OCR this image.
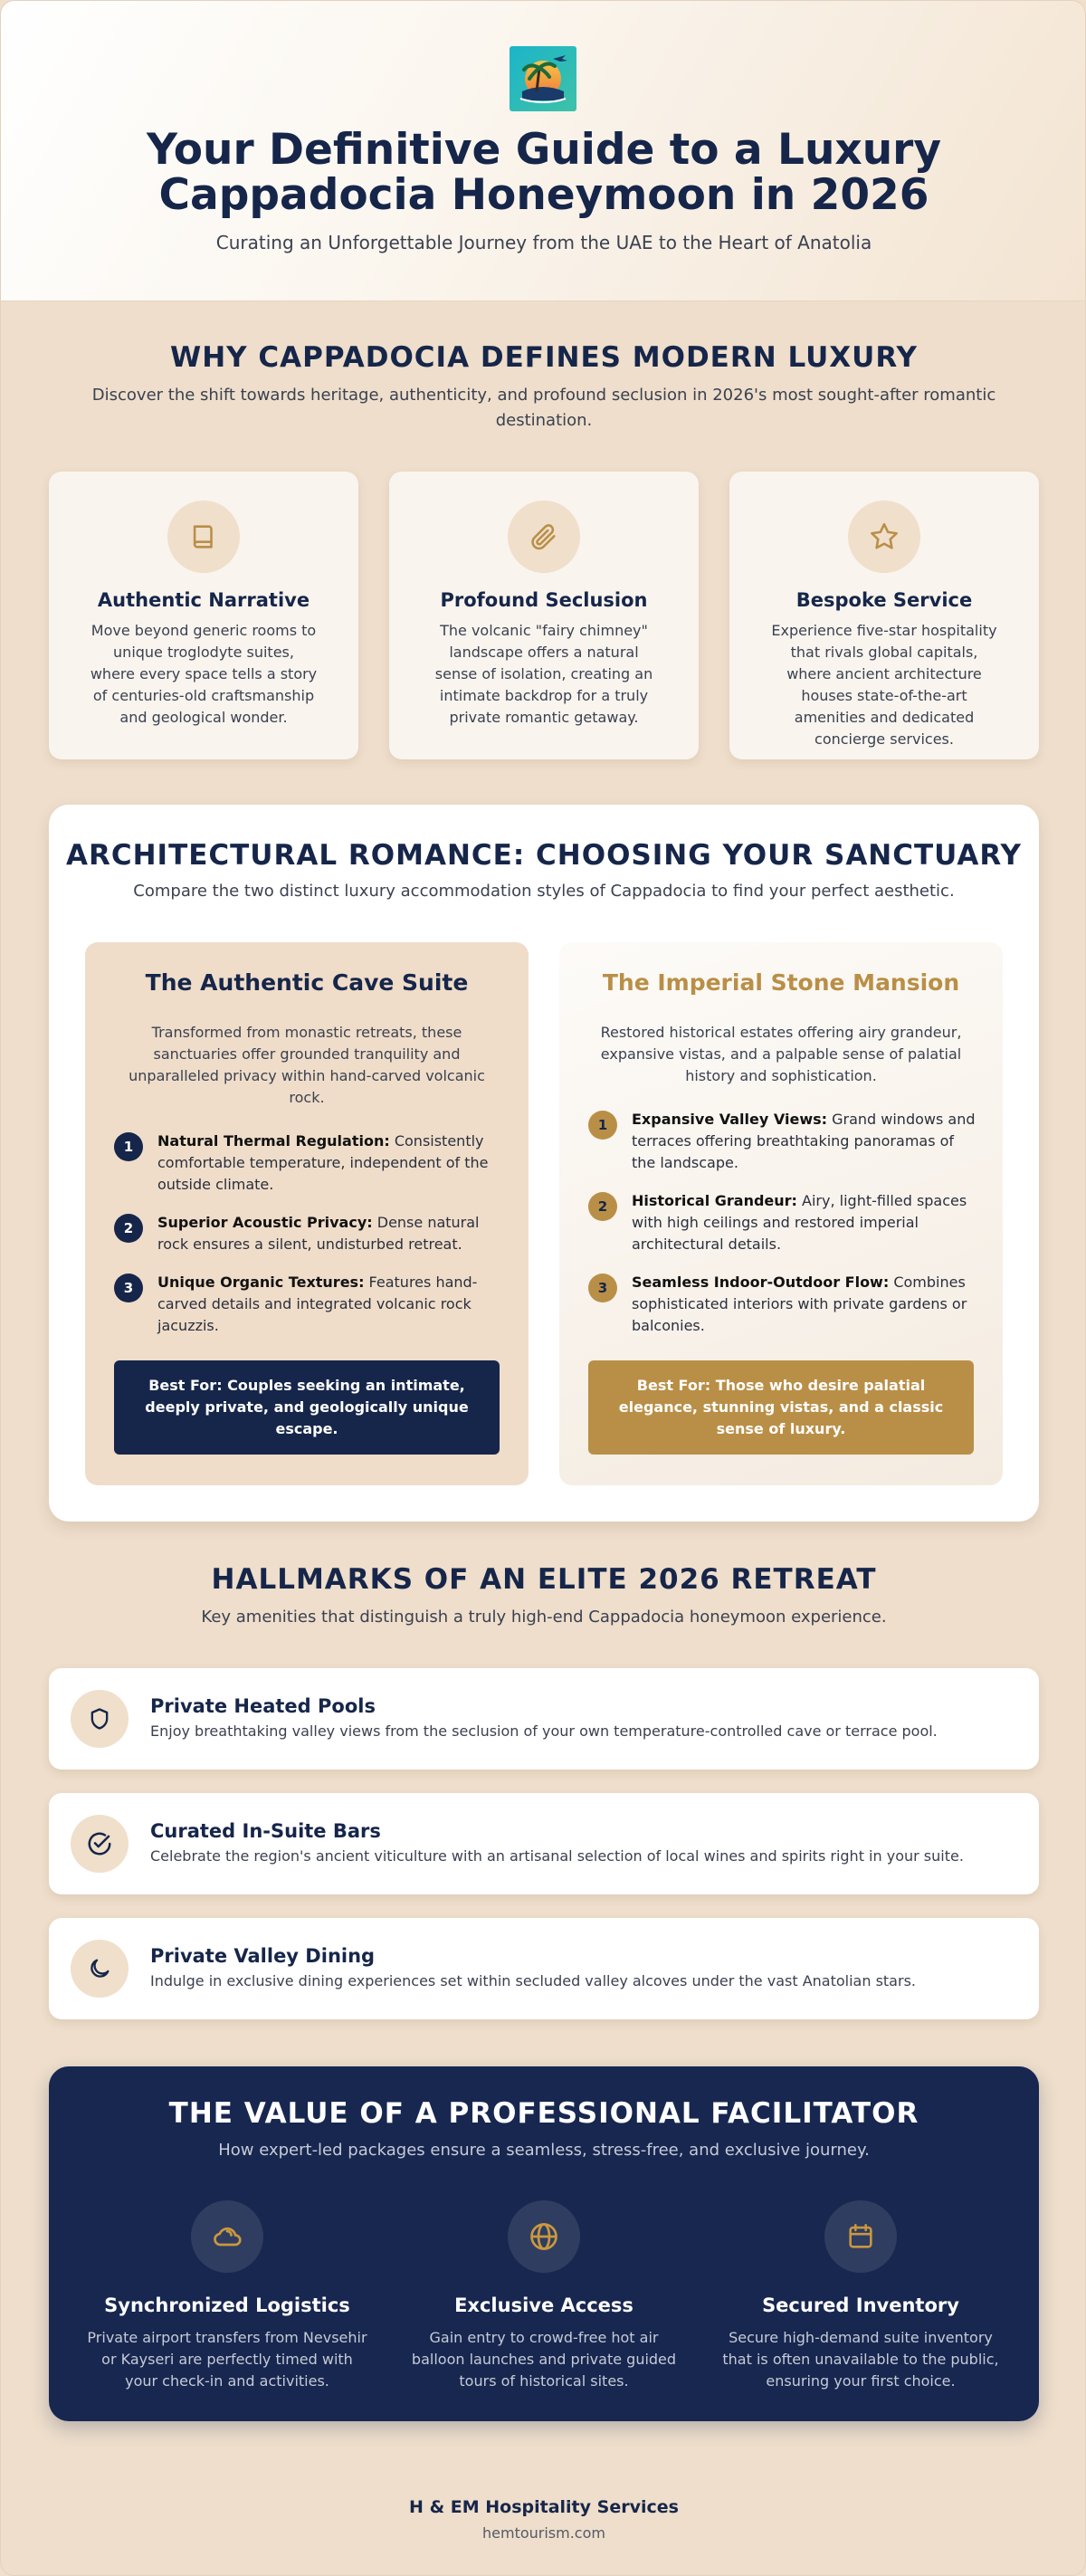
Your Definitive Guide to a Luxury Cappadocia Honeymoon in 2026
Curating an Unforgettable Journey from the UAE to the Heart of Anatolia
WHY CAPPADOCIA DEFINES MODERN LUXURY

Discover the shift towards heritage, authenticity, and profound seclusion in 2026's most sought-after romantic destination.

Authentic Narrative

Move beyond generic rooms to unique troglodyte suites, where every space tells a story of centuries-old craftsmanship and geological wonder.

Profound Seclusion

The volcanic "fairy chimney" landscape offers a natural sense of isolation, creating an intimate backdrop for a truly private romantic getaway.

Bespoke Service

Experience five-star hospitality that rivals global capitals, where ancient architecture houses state-of-the-art amenities and dedicated concierge services.

ARCHITECTURAL ROMANCE: CHOOSING YOUR SANCTUARY

Compare the two distinct luxury accommodation styles of Cappadocia to find your perfect aesthetic.

The Authentic Cave Suite

Transformed from monastic retreats, these sanctuaries offer grounded tranquility and unparalleled privacy within hand-carved volcanic rock.

1	Natural Thermal Regulation: Consistently comfortable temperature, independent of the outside climate.
2	Superior Acoustic Privacy: Dense natural rock ensures a silent, undisturbed retreat.
3	Unique Organic Textures: Features hand-carved details and integrated volcanic rock jacuzzis.
Best For: Couples seeking an intimate, deeply private, and geologically unique escape.
The Imperial Stone Mansion

Restored historical estates offering airy grandeur, expansive vistas, and a palpable sense of palatial history and sophistication.

1	Expansive Valley Views: Grand windows and terraces offering breathtaking panoramas of the landscape.
2	Historical Grandeur: Airy, light-filled spaces with high ceilings and restored imperial architectural details.
3	Seamless Indoor-Outdoor Flow: Combines sophisticated interiors with private gardens or balconies.
Best For: Those who desire palatial elegance, stunning vistas, and a classic sense of luxury.
HALLMARKS OF AN ELITE 2026 RETREAT

Key amenities that distinguish a truly high-end Cappadocia honeymoon experience.

Private Heated Pools

Enjoy breathtaking valley views from the seclusion of your own temperature-controlled cave or terrace pool.

Curated In-Suite Bars

Celebrate the region's ancient viticulture with an artisanal selection of local wines and spirits right in your suite.

Private Valley Dining

Indulge in exclusive dining experiences set within secluded valley alcoves under the vast Anatolian stars.

THE VALUE OF A PROFESSIONAL FACILITATOR

How expert-led packages ensure a seamless, stress-free, and exclusive journey.

Synchronized Logistics

Private airport transfers from Nevsehir or Kayseri are perfectly timed with your check-in and activities.

Exclusive Access

Gain entry to crowd-free hot air balloon launches and private guided tours of historical sites.

Secured Inventory

Secure high-demand suite inventory that is often unavailable to the public, ensuring your first choice.

H & EM Hospitality Services
hemtourism.com
